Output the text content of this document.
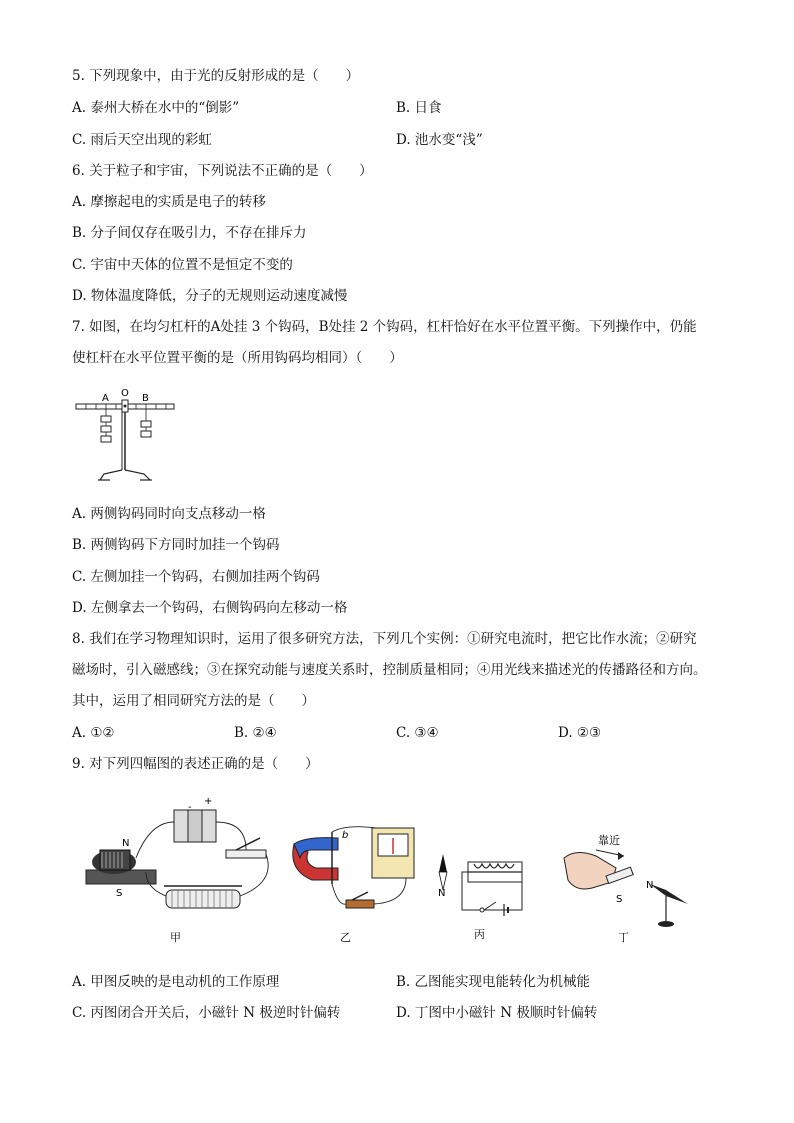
5. 下列现象中，由于光的反射形成的是（　　）
A. 泰州大桥在水中的“倒影”	B. 日食
C. 雨后天空出现的彩虹	D. 池水变“浅”
6. 关于粒子和宇宙，下列说法不正确的是（　　）
A. 摩擦起电的实质是电子的转移
B. 分子间仅存在吸引力，不存在排斥力
C. 宇宙中天体的位置不是恒定不变的
D. 物体温度降低，分子的无规则运动速度减慢
7. 如图，在均匀杠杆的A处挂 3 个钩码，B处挂 2 个钩码，杠杆恰好在水平位置平衡。下列操作中，仍能
使杠杆在水平位置平衡的是（所用钩码均相同）（　　）
A O B
A. 两侧钩码同时向支点移动一格
B. 两侧钩码下方同时加挂一个钩码
C. 左侧加挂一个钩码，右侧加挂两个钩码
D. 左侧拿去一个钩码，右侧钩码向左移动一格
8. 我们在学习物理知识时，运用了很多研究方法，下列几个实例：①研究电流时，把它比作水流；②研究
磁场时，引入磁感线；③在探究动能与速度关系时，控制质量相同；④用光线来描述光的传播路径和方向。
其中，运用了相同研究方法的是（　　）
A. ①②	B. ②④	C. ③④	D. ②③
9. 对下列四幅图的表述正确的是（　　）
N
S
-
+
b
N
靠近
S
N
甲	乙	丙	丁
A. 甲图反映的是电动机的工作原理	B. 乙图能实现电能转化为机械能
C. 丙图闭合开关后，小磁针 N 极逆时针偏转	D. 丁图中小磁针 N 极顺时针偏转
